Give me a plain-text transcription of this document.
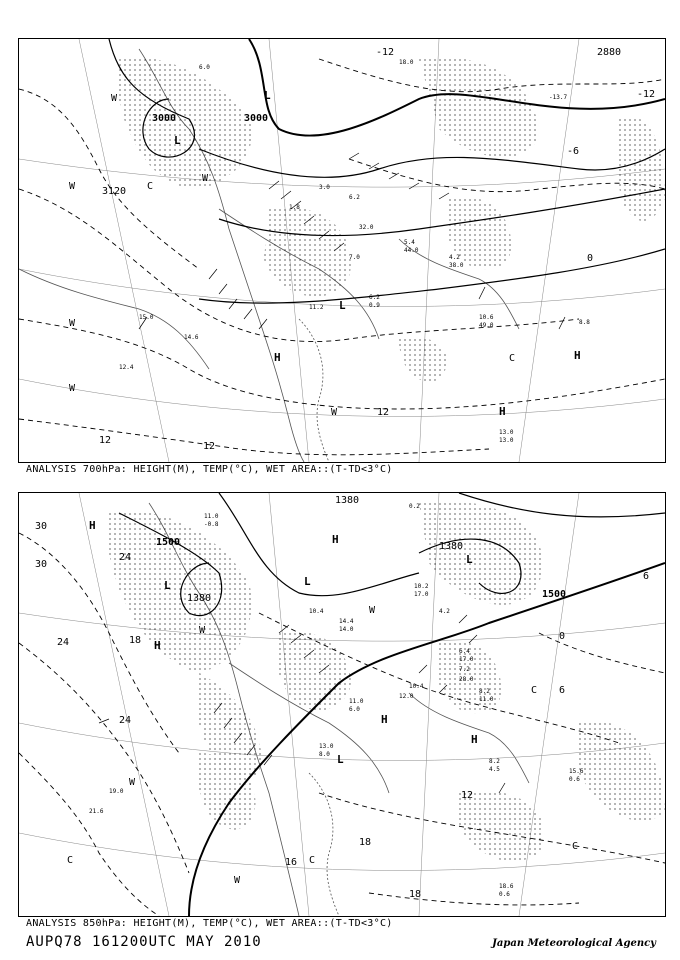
6.0
18.0
-13.7
1.8
3.0
6.2
32.0
5.4
44.0
4.2
38.0
7.0
6.2
0.9
11.2
10.6
49.0	8.8
15.0
14.6
12.4
13.0
13.0
3000	3000
3120
2880
-12
-12
-6
0
12
12
12
L
L
L
H	H
H
W
W
W
W
W
W
C
C
ANALYSIS 700hPa: HEIGHT(M), TEMP(°C), WET AREA::(T-TD<3°C)
11.0
-0.8
0.2
10.4
14.4
14.0
10.2
17.0
4.2
6.4
17.0
7.2
28.0
8.2
11.0
10.4
12.0
11.0
6.0
13.0
8.0
8.2
4.5	15.6
0.6
18.6
0.6
19.0
21.6
1500
1500
1380
1380
1380
30
30
24
24
24
18
18
18
16
12
6
0
6
L	L
L
L
H
H
H
H
H
W
W
W
W
C	C
C
C
ANALYSIS 850hPa: HEIGHT(M), TEMP(°C), WET AREA::(T-TD<3°C)
AUPQ78 161200UTC MAY 2010	Japan Meteorological Agency
